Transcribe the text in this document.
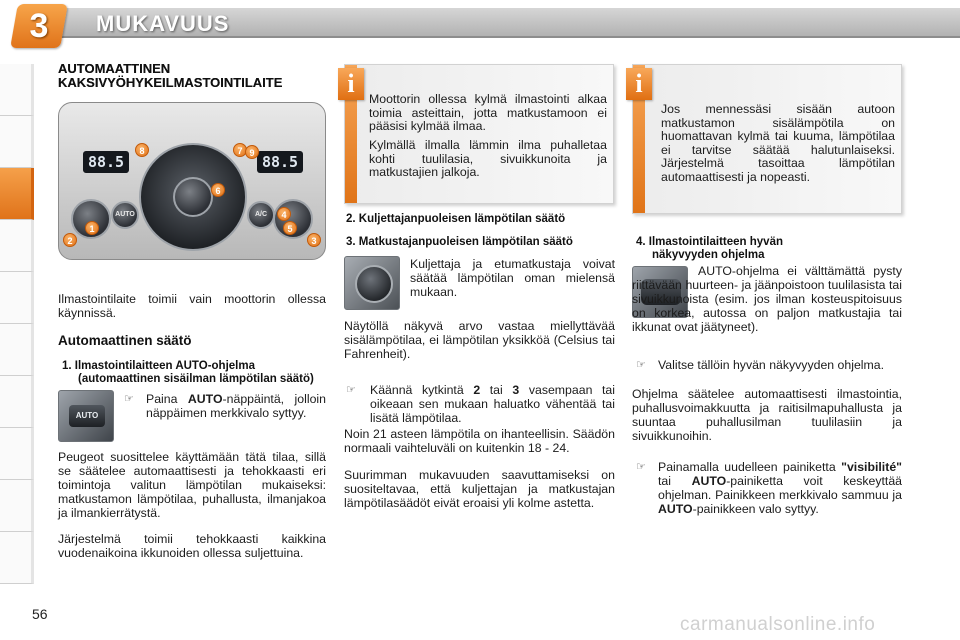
3 MUKAVUUS
AUTOMAATTINEN
KAKSIVYÖHYKEILMASTOINTILAITE
88.5	88.5
AUTO	A/C
1
2	3
4
5
6
7
8	9
Ilmastointilaite toimii vain moottorin ollessa käynnissä.
Automaattinen säätö
1. Ilmastointilaitteen AUTO-ohjelma
(automaattinen sisäilman lämpötilan säätö)
AUTO
☞ Paina AUTO-näppäintä, jolloin näppäimen merkkivalo syttyy.
Peugeot suosittelee käyttämään tätä tilaa, sillä se säätelee automaattisesti ja tehokkaasti eri toimintoja valitun lämpötilan mukaiseksi: matkustamon lämpötilaa, puhallusta, ilmanjakoa ja ilmankierrätystä.
Järjestelmä toimii tehokkaasti kaikkina vuodenaikoina ikkunoiden ollessa suljettuina.
Moottorin ollessa kylmä ilmastointi alkaa toimia asteittain, jotta matkustamoon ei pääsisi kylmää ilmaa.
Kylmällä ilmalla lämmin ilma puhalletaa kohti tuulilasia, sivuikkunoita ja matkustajien jalkoja.
i
Jos mennessäsi sisään autoon matkustamon sisälämpötila on huomattavan kylmä tai kuuma, lämpötilaa ei tarvitse säätää halutunlaiseksi. Järjestelmä tasoittaa lämpötilan automaattisesti ja nopeasti.
i
2. Kuljettajanpuoleisen lämpötilan säätö
3. Matkustajanpuoleisen lämpötilan säätö
Kuljettaja ja etumatkustaja voivat säätää lämpötilan oman mielensä mukaan.
Näytöllä näkyvä arvo vastaa miellyttävää sisälämpötilaa, ei lämpötilan yksikköä (Celsius tai Fahrenheit).
☞ Käännä kytkintä 2 tai 3 vasempaan tai oikeaan sen mukaan haluatko vähentää tai lisätä lämpötilaa.
Noin 21 asteen lämpötila on ihanteellisin. Säädön normaali vaihteluväli on kuitenkin 18 - 24.
Suurimman mukavuuden saavuttamiseksi on suositeltavaa, että kuljettajan ja matkustajan lämpötilasäädöt eivät eroaisi yli kolme astetta.
4. Ilmastointilaitteen hyvän
näkyvyyden ohjelma
AUTO-ohjelma ei välttämättä pysty riittävään huurteen- ja jäänpoistoon tuulilasista tai sivuikkunoista (esim. jos ilman kosteuspitoisuus on korkea, autossa on paljon matkustajia tai ikkunat ovat jäätyneet).
☞ Valitse tällöin hyvän näkyvyyden ohjelma.
Ohjelma säätelee automaattisesti ilmastointia, puhallusvoimakkuutta ja raitisilmapuhallusta ja suuntaa puhallusilman tuulilasiin ja sivuikkunoihin.
☞ Painamalla uudelleen painiketta "visibilité" tai AUTO-painiketta voit keskeyttää ohjelman. Painikkeen merkkivalo sammuu ja AUTO-painikkeen valo syttyy.
56	carmanualsonline.info
